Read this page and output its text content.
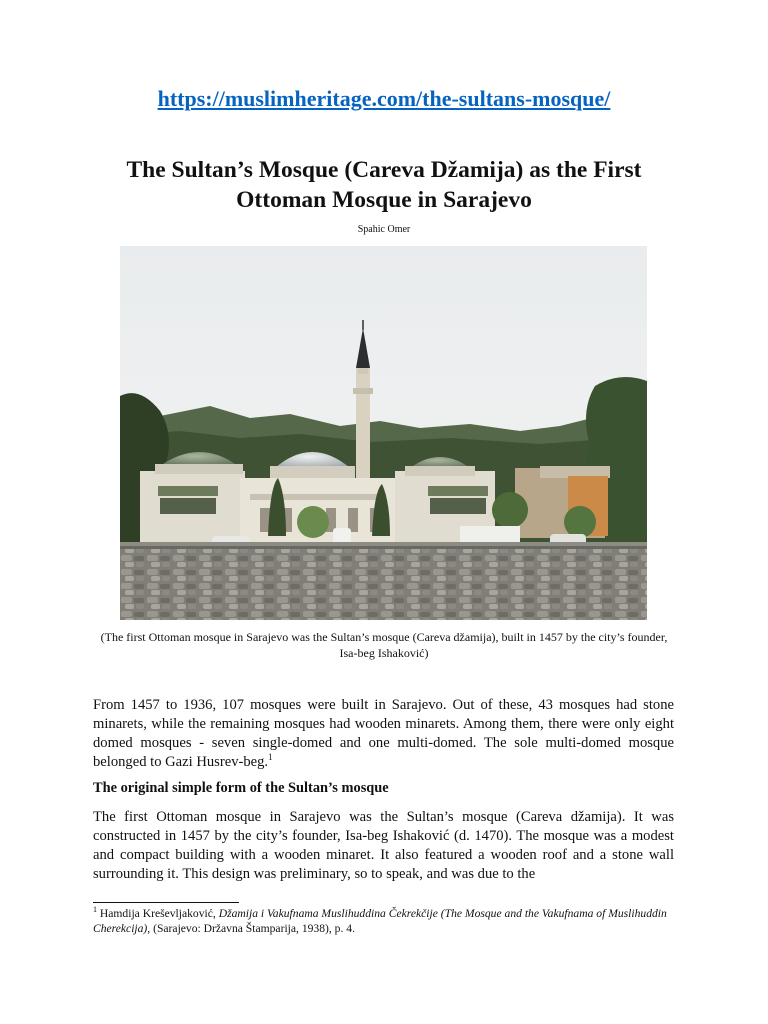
https://muslimheritage.com/the-sultans-mosque/
The Sultan’s Mosque (Careva Džamija) as the First
Ottoman Mosque in Sarajevo
Spahic Omer
(The first Ottoman mosque in Sarajevo was the Sultan’s mosque (Careva džamija), built in 1457 by the city’s founder, Isa-beg Ishaković)

From 1457 to 1936, 107 mosques were built in Sarajevo. Out of these, 43 mosques had stone minarets, while the remaining mosques had wooden minarets. Among them, there were only eight domed mosques - seven single-domed and one multi-domed. The sole multi-domed mosque belonged to Gazi Husrev-beg.$^1$

The original simple form of the Sultan’s mosque
The first Ottoman mosque in Sarajevo was the Sultan’s mosque (Careva džamija). It was constructed in 1457 by the city’s founder, Isa-beg Ishaković (d. 1470). The mosque was a modest and compact building with a wooden minaret. It also featured a wooden roof and a stone wall surrounding it. This design was preliminary, so to speak, and was due to the
$^1$ Hamdija Kreševljaković, Džamija i Vakufnama Muslihuddina Čekrekčije (The Mosque and the Vakufnama of Muslihuddin Cherekcija), (Sarajevo: Državna Štamparija, 1938), p. 4.
